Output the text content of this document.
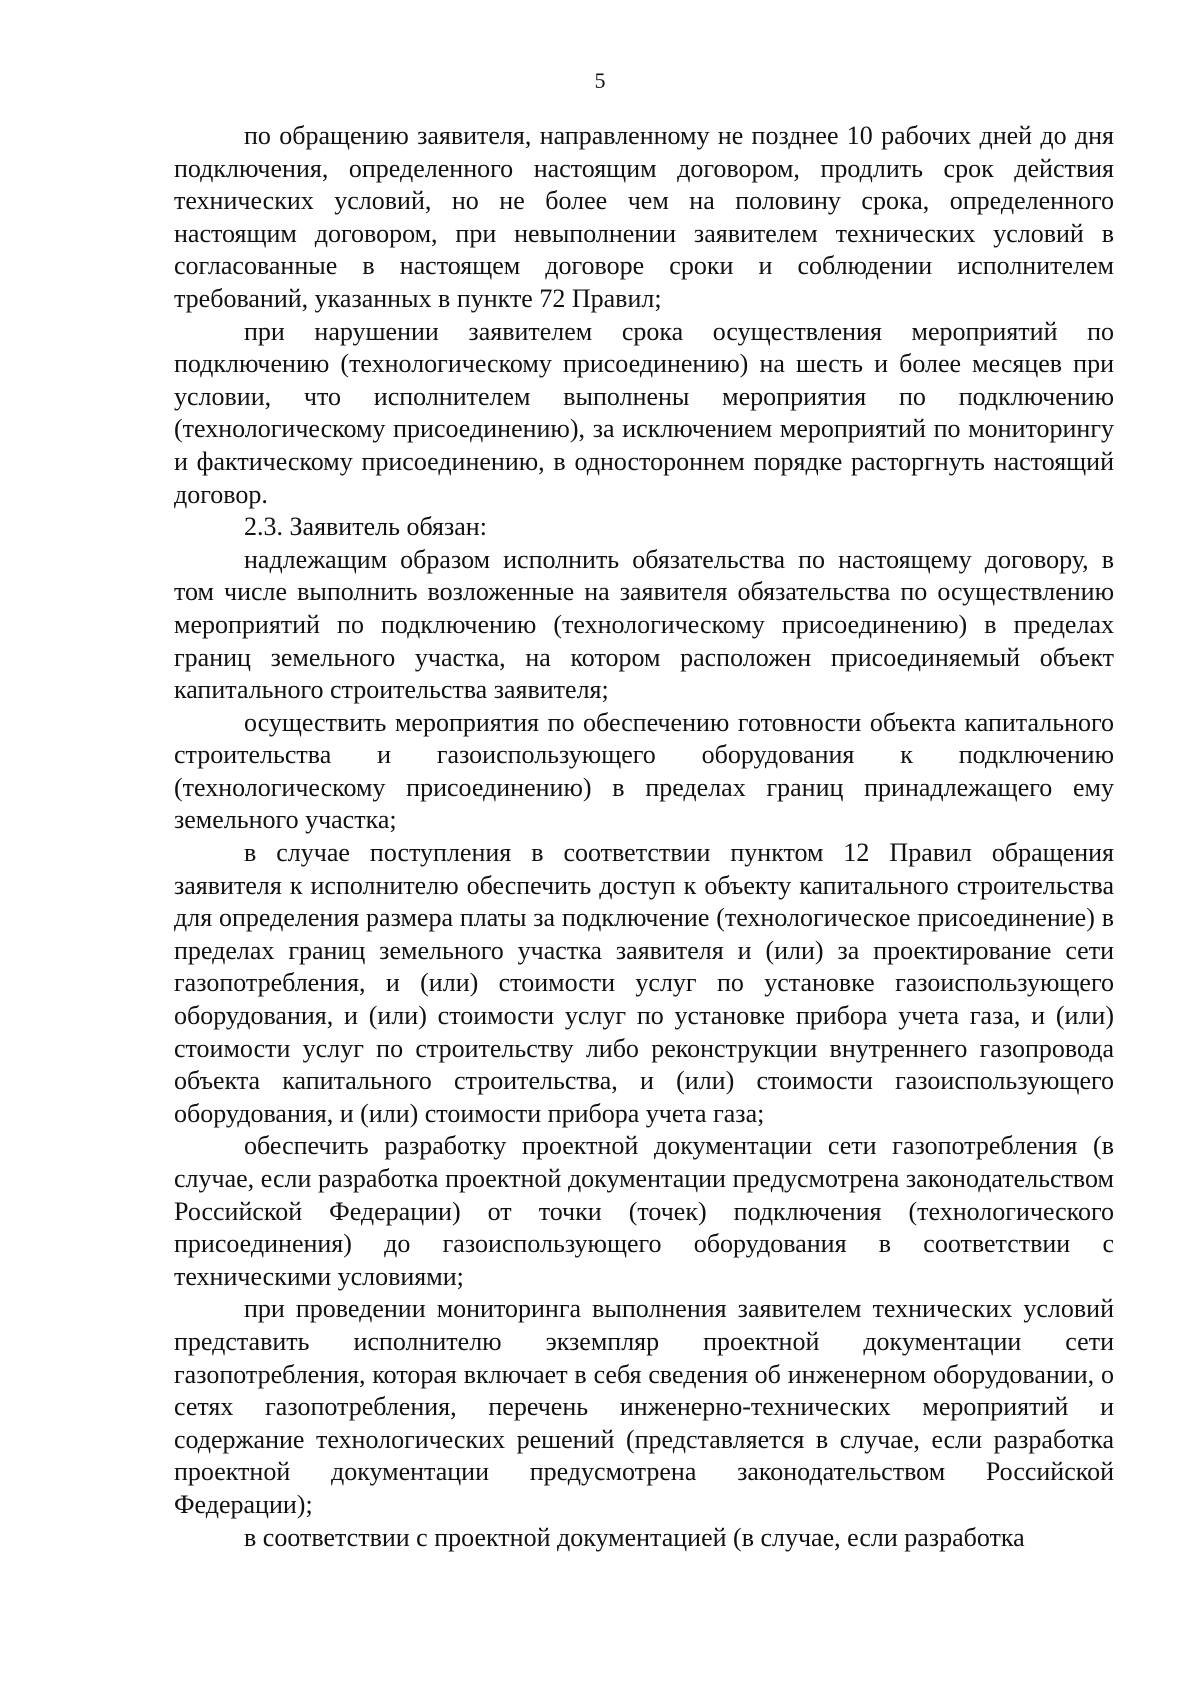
5

по обращению заявителя, направленному не позднее 10 рабочих дней до дня подключения, определенного настоящим договором, продлить срок действия технических условий, но не более чем на половину срока, определенного настоящим договором, при невыполнении заявителем технических условий в согласованные в настоящем договоре сроки и соблюдении исполнителем требований, указанных в пункте 72 Правил;

при нарушении заявителем срока осуществления мероприятий по подключению (технологическому присоединению) на шесть и более месяцев при условии, что исполнителем выполнены мероприятия по подключению (технологическому присоединению), за исключением мероприятий по мониторингу и фактическому присоединению, в одностороннем порядке расторгнуть настоящий договор.

2.3. Заявитель обязан:

надлежащим образом исполнить обязательства по настоящему договору, в том числе выполнить возложенные на заявителя обязательства по осуществлению мероприятий по подключению (технологическому присоединению) в пределах границ земельного участка, на котором расположен присоединяемый объект капитального строительства заявителя;

осуществить мероприятия по обеспечению готовности объекта капитального строительства и газоиспользующего оборудования к подключению (технологическому присоединению) в пределах границ принадлежащего ему земельного участка;

в случае поступления в соответствии пунктом 12 Правил обращения заявителя к исполнителю обеспечить доступ к объекту капитального строительства для определения размера платы за подключение (технологическое присоединение) в пределах границ земельного участка заявителя и (или) за проектирование сети газопотребления, и (или) стоимости услуг по установке газоиспользующего оборудования, и (или) стоимости услуг по установке прибора учета газа, и (или) стоимости услуг по строительству либо реконструкции внутреннего газопровода объекта капитального строительства, и (или) стоимости газоиспользующего оборудования, и (или) стоимости прибора учета газа;

обеспечить разработку проектной документации сети газопотребления (в случае, если разработка проектной документации предусмотрена законодательством Российской Федерации) от точки (точек) подключения (технологического присоединения) до газоиспользующего оборудования в соответствии с техническими условиями;

при проведении мониторинга выполнения заявителем технических условий представить исполнителю экземпляр проектной документации сети газопотребления, которая включает в себя сведения об инженерном оборудовании, о сетях газопотребления, перечень инженерно-технических мероприятий и содержание технологических решений (представляется в случае, если разработка проектной документации предусмотрена законодательством Российской Федерации);

в соответствии с проектной документацией (в случае, если разработка
